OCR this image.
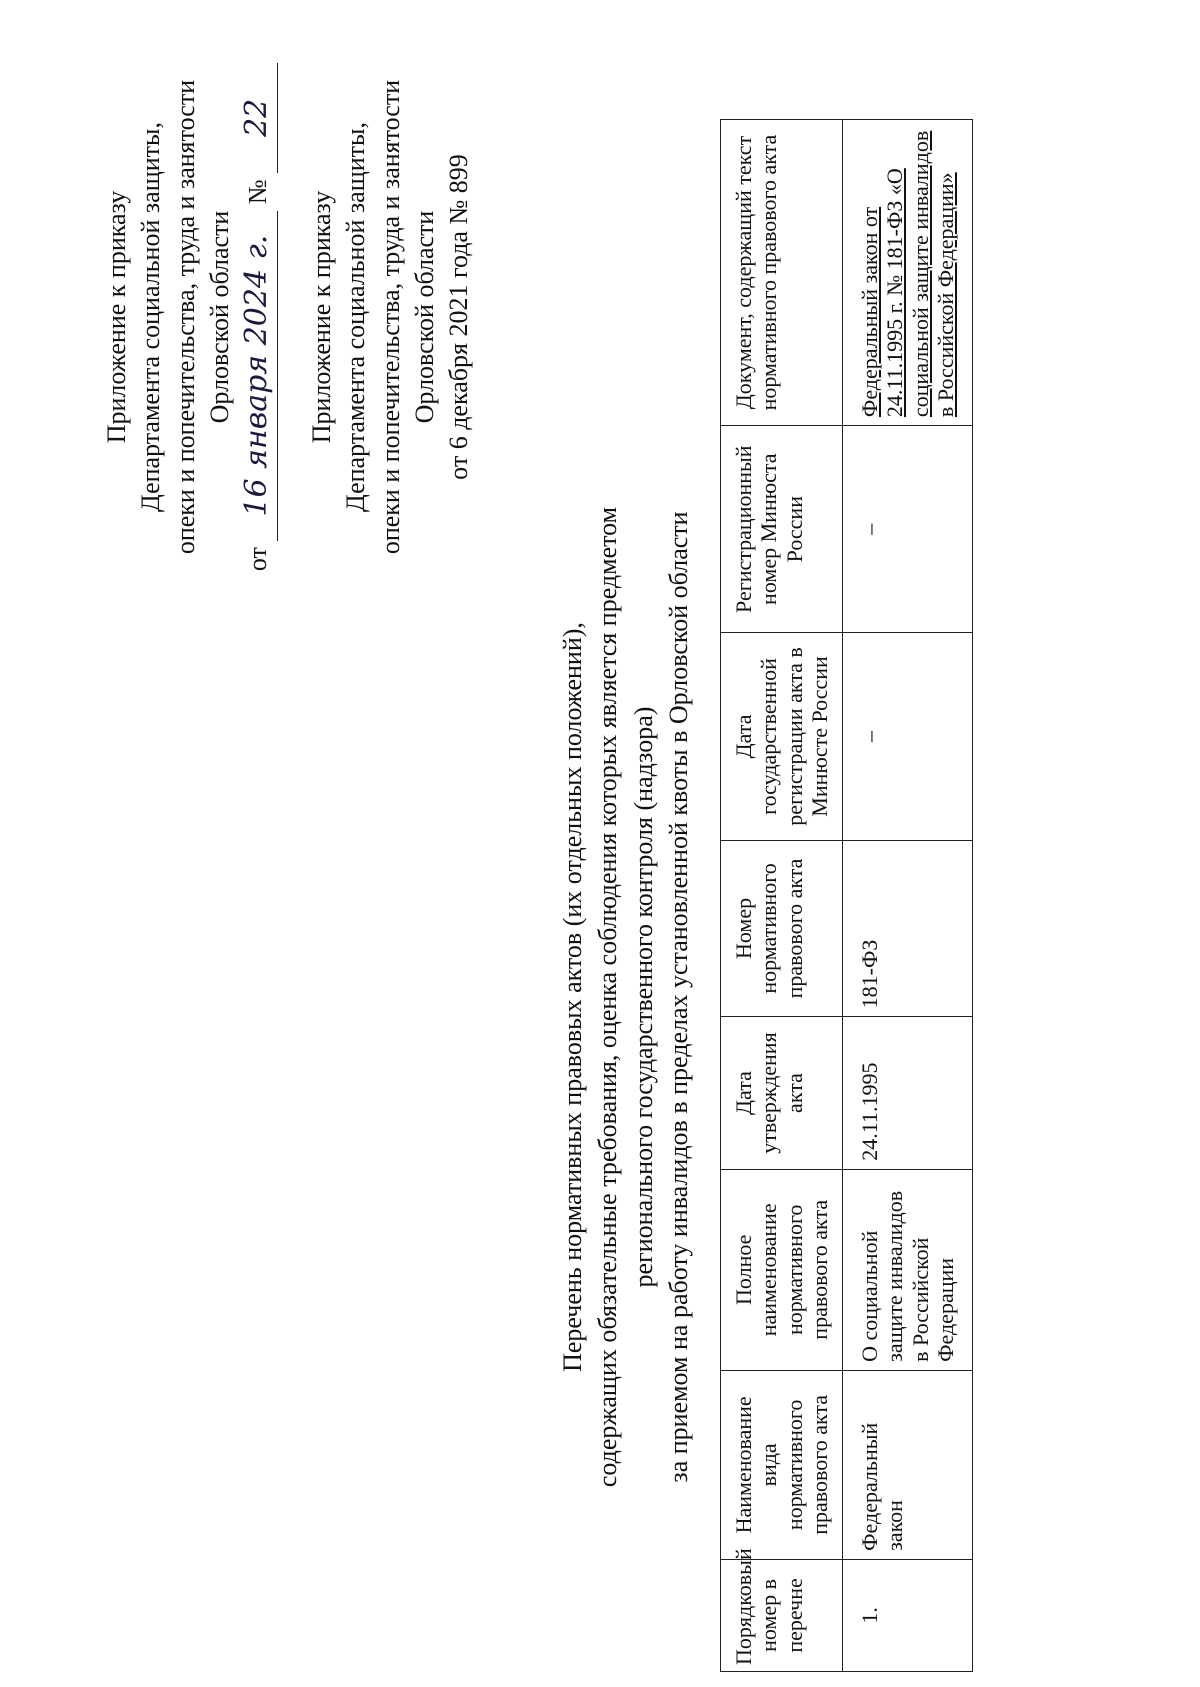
Приложение к приказу Департамента социальной защиты, опеки и попечительства, труда и занятости Орловской области
от 16 января 2024 г. № 22
Приложение к приказу Департамента социальной защиты, опеки и попечительства, труда и занятости Орловской области от 6 декабря 2021 года № 899
Перечень нормативных правовых актов (их отдельных положений), содержащих обязательные требования, оценка соблюдения которых является предметом регионального государственного контроля (надзора) за приемом на работу инвалидов в пределах установленной квоты в Орловской области
Порядковый номер в перечне	Наименование вида нормативного правового акта	Полное наименование нормативного правового акта	Дата утверждения акта	Номер нормативного правового акта	Дата государственной регистрации акта в Минюсте России	Регистрационный номер Минюста России	Документ, содержащий текст нормативного правового акта
1.	Федеральный закон	О социальной защите инвалидов в Российской Федерации	24.11.1995	181-ФЗ	–	–	Федеральный закон от 24.11.1995 г. № 181-ФЗ «О социальной защите инвалидов в Российской Федерации»
